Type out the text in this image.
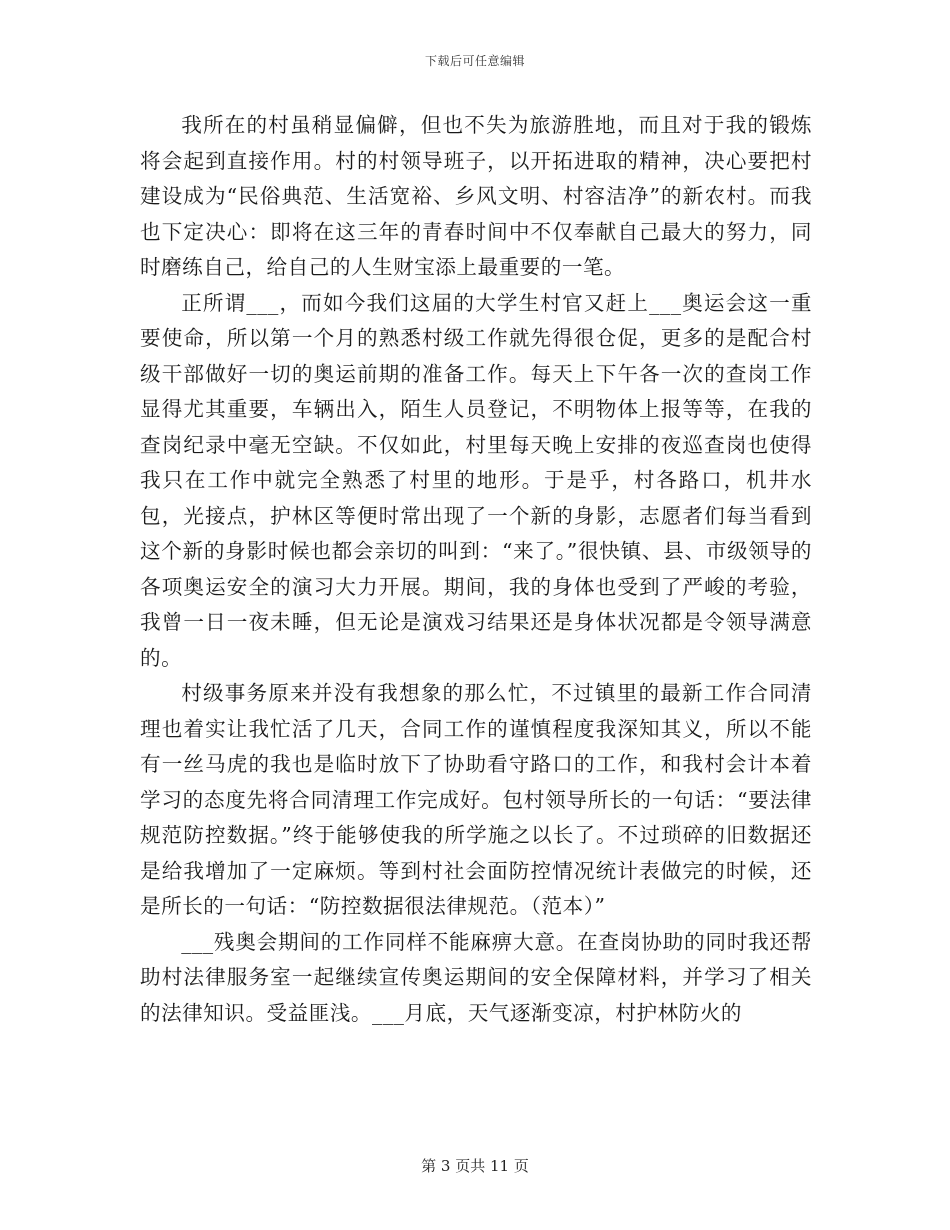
下载后可任意编辑

我所在的村虽稍显偏僻，但也不失为旅游胜地，而且对于我的锻炼将会起到直接作用。村的村领导班子，以开拓进取的精神，决心要把村建设成为“民俗典范、生活宽裕、乡风文明、村容洁净”的新农村。而我也下定决心：即将在这三年的青春时间中不仅奉献自己最大的努力，同时磨练自己，给自己的人生财宝添上最重要的一笔。

正所谓___，而如今我们这届的大学生村官又赶上___奥运会这一重要使命，所以第一个月的熟悉村级工作就先得很仓促，更多的是配合村级干部做好一切的奥运前期的准备工作。每天上下午各一次的查岗工作显得尤其重要，车辆出入，陌生人员登记，不明物体上报等等，在我的查岗纪录中毫无空缺。不仅如此，村里每天晚上安排的夜巡查岗也使得我只在工作中就完全熟悉了村里的地形。于是乎，村各路口，机井水包，光接点，护林区等便时常出现了一个新的身影，志愿者们每当看到这个新的身影时候也都会亲切的叫到：“来了。”很快镇、县、市级领导的各项奥运安全的演习大力开展。期间，我的身体也受到了严峻的考验，我曾一日一夜未睡，但无论是演戏习结果还是身体状况都是令领导满意的。

村级事务原来并没有我想象的那么忙，不过镇里的最新工作合同清理也着实让我忙活了几天，合同工作的谨慎程度我深知其义，所以不能有一丝马虎的我也是临时放下了协助看守路口的工作，和我村会计本着学习的态度先将合同清理工作完成好。包村领导所长的一句话：“要法律规范防控数据。”终于能够使我的所学施之以长了。不过琐碎的旧数据还是给我增加了一定麻烦。等到村社会面防控情况统计表做完的时候，还是所长的一句话：“防控数据很法律规范。（范本）”

___残奥会期间的工作同样不能麻痹大意。在查岗协助的同时我还帮助村法律服务室一起继续宣传奥运期间的安全保障材料，并学习了相关的法律知识。受益匪浅。___月底，天气逐渐变凉，村护林防火的

第 3 页共 11 页
